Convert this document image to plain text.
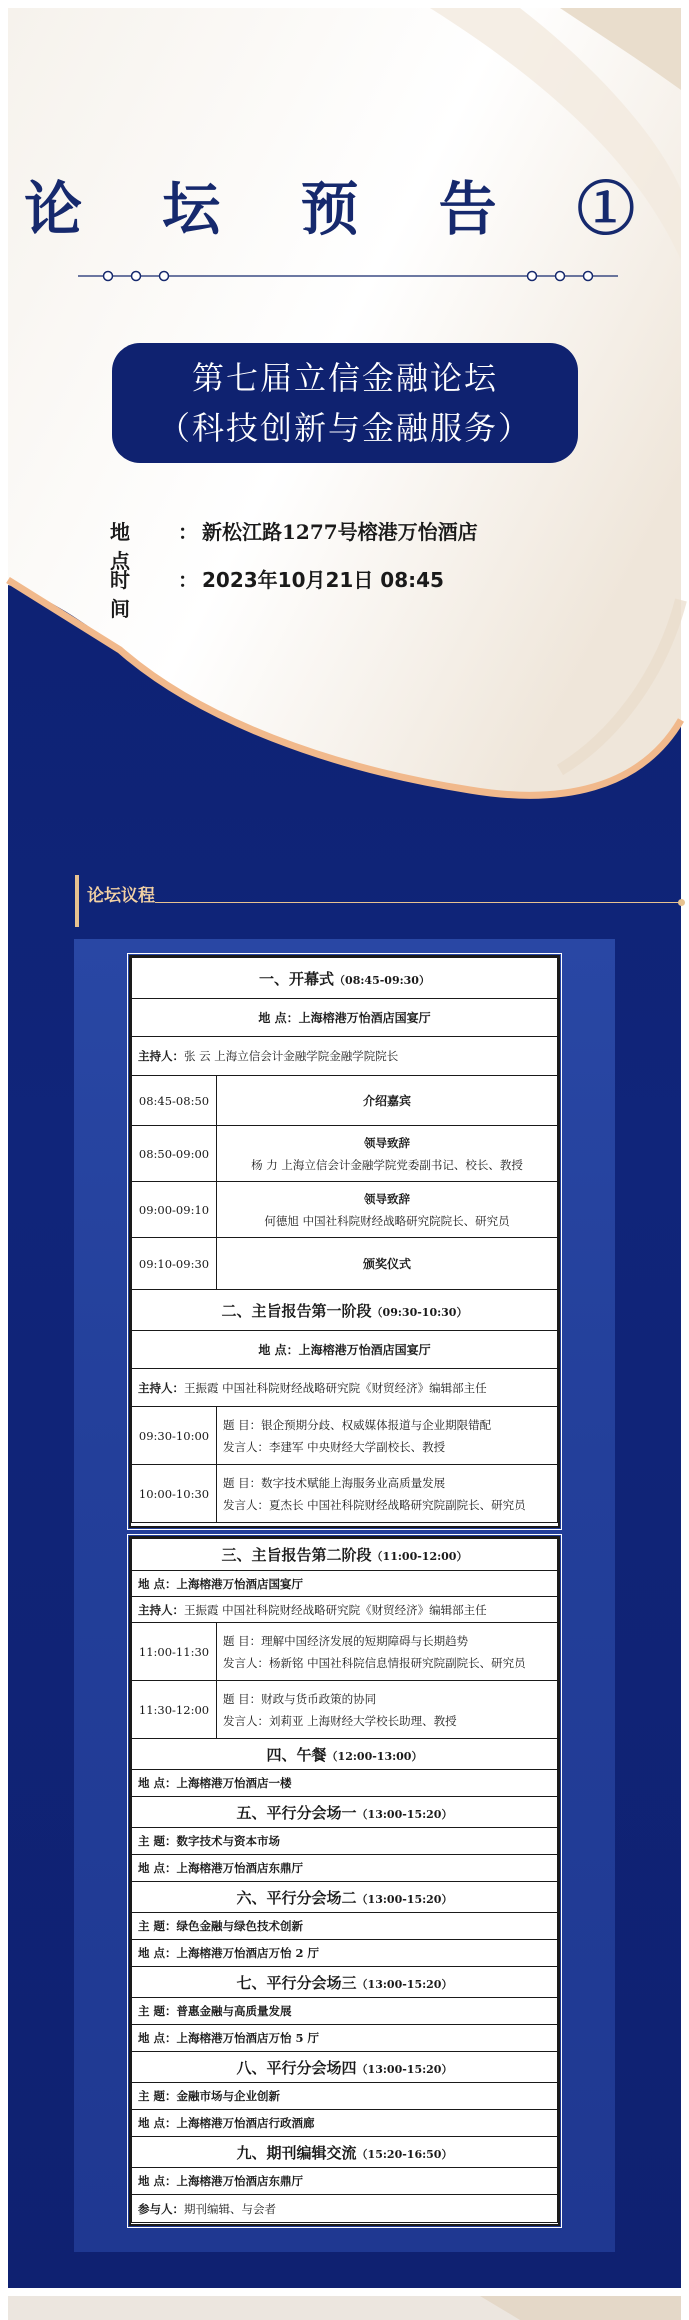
论 坛 预 告 ①
第七届立信金融论坛
（科技创新与金融服务）
地点
： 新松江路1277号榕港万怡酒店
时间
： 2023年10月21日 08:45
论坛议程
一、开幕式（08:45-09:30）	
地 点：上海榕港万怡酒店国宴厅	
主持人：张 云 上海立信会计金融学院金融学院院长	
08:45-08:50	介绍嘉宾
08:50-09:00	领导致辞
杨 力 上海立信会计金融学院党委副书记、校长、教授

09:00-09:10	领导致辞
何德旭 中国社科院财经战略研究院院长、研究员

09:10-09:30	颁奖仪式
二、主旨报告第一阶段（09:30-10:30）	
地 点：上海榕港万怡酒店国宴厅	
主持人：王振霞 中国社科院财经战略研究院《财贸经济》编辑部主任	
09:30-10:00	题 目：银企预期分歧、权威媒体报道与企业期限错配
发言人：李建军 中央财经大学副校长、教授

10:00-10:30	题 目：数字技术赋能上海服务业高质量发展
发言人：夏杰长 中国社科院财经战略研究院副院长、研究员
三、主旨报告第二阶段（11:00-12:00）	
地 点：上海榕港万怡酒店国宴厅	
主持人：王振霞 中国社科院财经战略研究院《财贸经济》编辑部主任	
11:00-11:30	题 目：理解中国经济发展的短期障碍与长期趋势
发言人：杨新铭 中国社科院信息情报研究院副院长、研究员

11:30-12:00	题 目：财政与货币政策的协同
发言人：刘莉亚 上海财经大学校长助理、教授

四、午餐（12:00-13:00）	
地 点：上海榕港万怡酒店一楼	
五、平行分会场一（13:00-15:20）	
主 题：数字技术与资本市场	
地 点：上海榕港万怡酒店东鼎厅	
六、平行分会场二（13:00-15:20）	
主 题：绿色金融与绿色技术创新	
地 点：上海榕港万怡酒店万怡 2 厅	
七、平行分会场三（13:00-15:20）	
主 题：普惠金融与高质量发展	
地 点：上海榕港万怡酒店万怡 5 厅	
八、平行分会场四（13:00-15:20）	
主 题：金融市场与企业创新	
地 点：上海榕港万怡酒店行政酒廊	
九、期刊编辑交流（15:20-16:50）	
地 点：上海榕港万怡酒店东鼎厅	
参与人：期刊编辑、与会者	
